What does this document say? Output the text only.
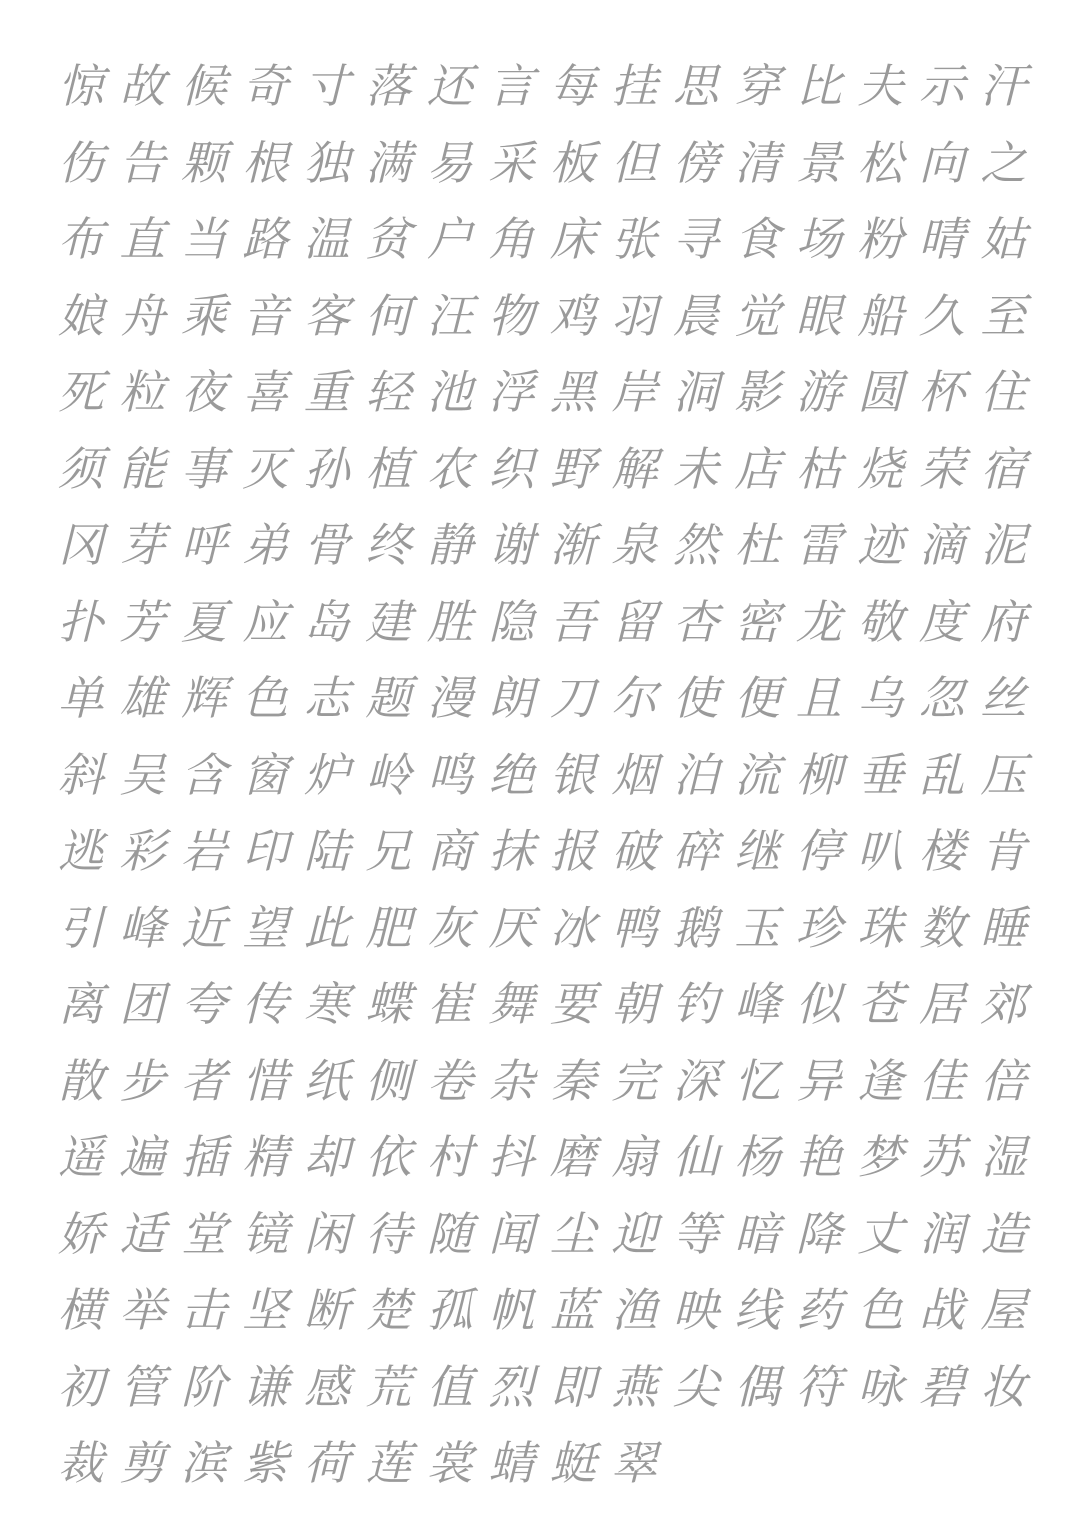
惊 故 候 奇 寸 落 还 言 每 挂 思 穿 比 夫 示 汗
伤 告 颗 根 独 满 易 采 板 但 傍 清 景 松 向 之
布 直 当 路 温 贫 户 角 床 张 寻 食 场 粉 晴 姑
娘 舟 乘 音 客 何 汪 物 鸡 羽 晨 觉 眼 船 久 至
死 粒 夜 喜 重 轻 池 浮 黑 岸 洞 影 游 圆 杯 住
须 能 事 灭 孙 植 农 织 野 解 未 店 枯 烧 荣 宿
冈 芽 呼 弟 骨 终 静 谢 渐 泉 然 杜 雷 迹 滴 泥
扑 芳 夏 应 岛 建 胜 隐 吾 留 杏 密 龙 敬 度 府
单 雄 辉 色 志 题 漫 朗 刀 尔 使 便 且 乌 忽 丝
斜 吴 含 窗 炉 岭 鸣 绝 银 烟 泊 流 柳 垂 乱 压
逃 彩 岩 印 陆 兄 商 抹 报 破 碎 继 停 叭 楼 肯
引 峰 近 望 此 肥 灰 厌 冰 鸭 鹅 玉 珍 珠 数 睡
离 团 夸 传 寒 蝶 崔 舞 要 朝 钓 峰 似 苍 居 郊
散 步 者 惜 纸 侧 卷 杂 秦 完 深 忆 异 逢 佳 倍
遥 遍 插 精 却 依 村 抖 磨 扇 仙 杨 艳 梦 苏 湿
娇 适 堂 镜 闲 待 随 闻 尘 迎 等 暗 降 丈 润 造
横 举 击 坚 断 楚 孤 帆 蓝 渔 映 线 药 色 战 屋
初 管 阶 谦 感 荒 值 烈 即 燕 尖 偶 符 咏 碧 妆
裁 剪 滨 紫 荷 莲 裳 蜻 蜓 翠
